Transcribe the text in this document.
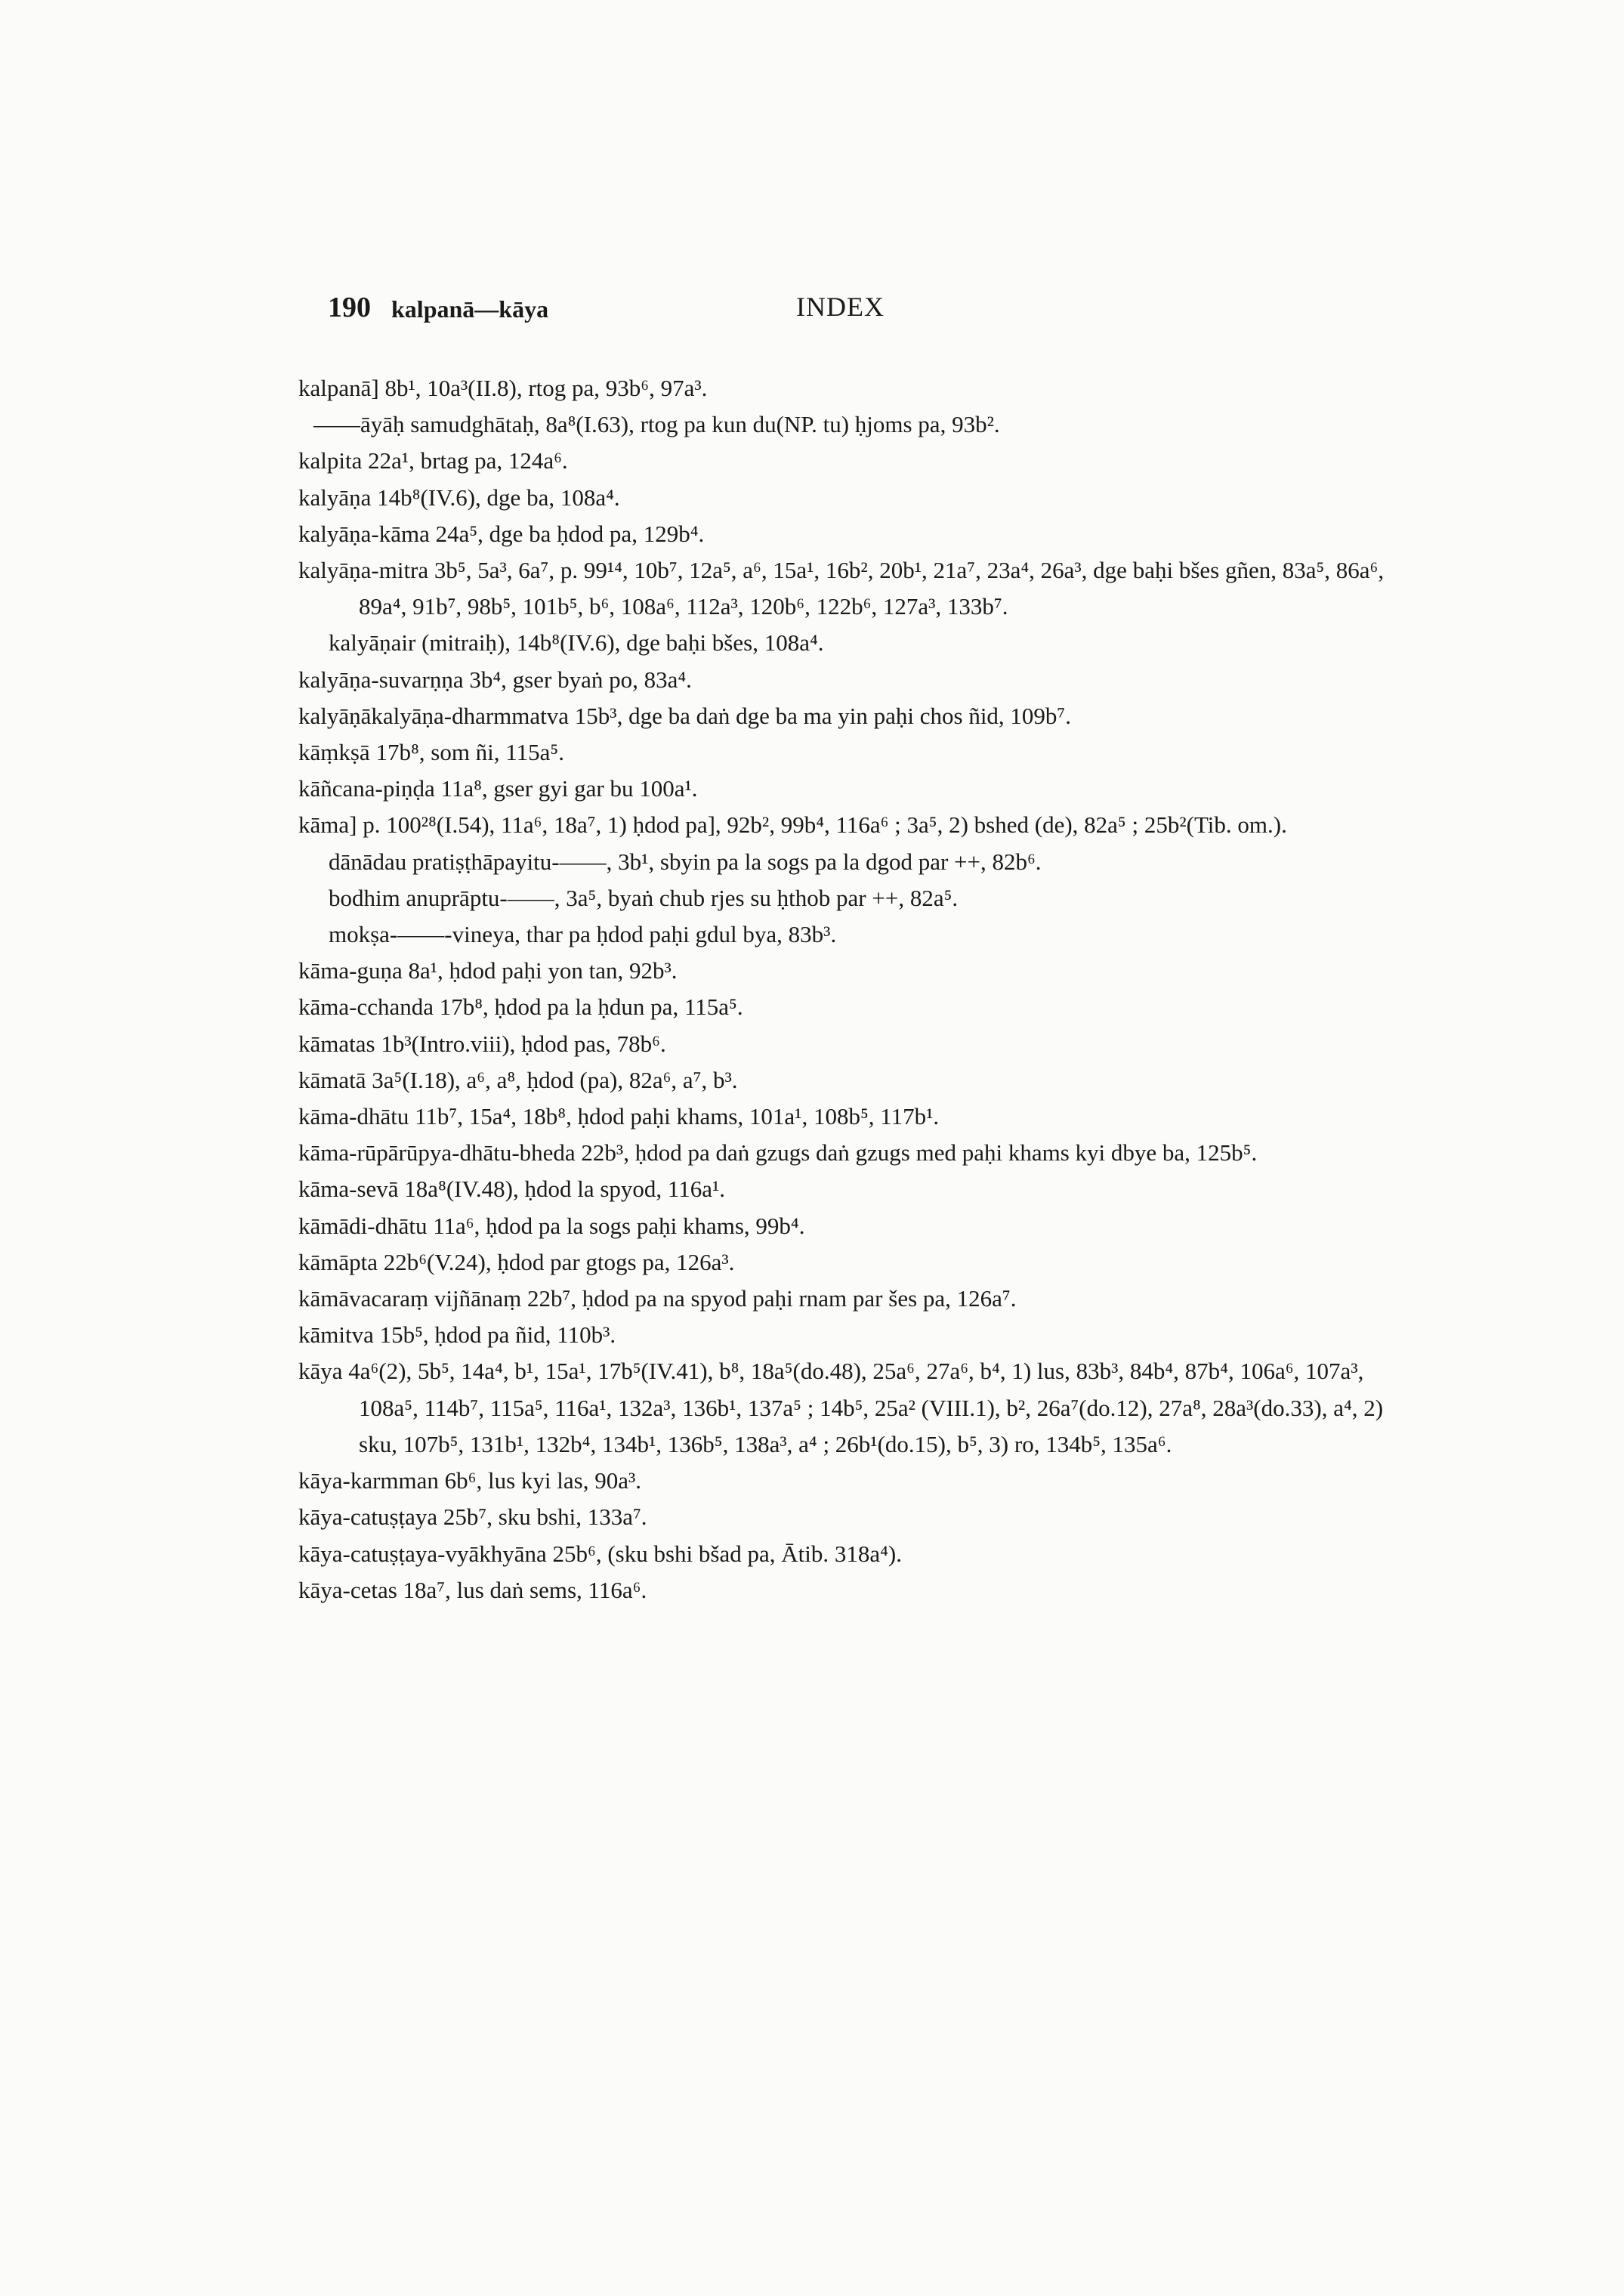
190 kalpanā—kāya	INDEX

kalpanā] 8b¹, 10a³(II.8), rtog pa, 93b⁶, 97a³.

——āyāḥ samudghātaḥ, 8a⁸(I.63), rtog pa kun du(NP. tu) ḥjoms pa, 93b².

kalpita 22a¹, brtag pa, 124a⁶.

kalyāṇa 14b⁸(IV.6), dge ba, 108a⁴.

kalyāṇa-kāma 24a⁵, dge ba ḥdod pa, 129b⁴.

kalyāṇa-mitra 3b⁵, 5a³, 6a⁷, p. 99¹⁴, 10b⁷, 12a⁵, a⁶, 15a¹, 16b², 20b¹, 21a⁷, 23a⁴, 26a³, dge baḥi bšes gñen, 83a⁵, 86a⁶, 89a⁴, 91b⁷, 98b⁵, 101b⁵, b⁶, 108a⁶, 112a³, 120b⁶, 122b⁶, 127a³, 133b⁷.

kalyāṇair (mitraiḥ), 14b⁸(IV.6), dge baḥi bšes, 108a⁴.

kalyāṇa-suvarṇṇa 3b⁴, gser byaṅ po, 83a⁴.

kalyāṇākalyāṇa-dharmmatva 15b³, dge ba daṅ dge ba ma yin paḥi chos ñid, 109b⁷.

kāṃkṣā 17b⁸, som ñi, 115a⁵.

kāñcana-piṇḍa 11a⁸, gser gyi gar bu 100a¹.

kāma] p. 100²⁸(I.54), 11a⁶, 18a⁷, 1) ḥdod pa], 92b², 99b⁴, 116a⁶ ; 3a⁵, 2) bshed (de), 82a⁵ ; 25b²(Tib. om.).

dānādau pratiṣṭhāpayitu-——, 3b¹, sbyin pa la sogs pa la dgod par ++, 82b⁶.

bodhim anuprāptu-——, 3a⁵, byaṅ chub rjes su ḥthob par ++, 82a⁵.

mokṣa-——-vineya, thar pa ḥdod paḥi gdul bya, 83b³.

kāma-guṇa 8a¹, ḥdod paḥi yon tan, 92b³.

kāma-cchanda 17b⁸, ḥdod pa la ḥdun pa, 115a⁵.

kāmatas 1b³(Intro.viii), ḥdod pas, 78b⁶.

kāmatā 3a⁵(I.18), a⁶, a⁸, ḥdod (pa), 82a⁶, a⁷, b³.

kāma-dhātu 11b⁷, 15a⁴, 18b⁸, ḥdod paḥi khams, 101a¹, 108b⁵, 117b¹.

kāma-rūpārūpya-dhātu-bheda 22b³, ḥdod pa daṅ gzugs daṅ gzugs med paḥi khams kyi dbye ba, 125b⁵.

kāma-sevā 18a⁸(IV.48), ḥdod la spyod, 116a¹.

kāmādi-dhātu 11a⁶, ḥdod pa la sogs paḥi khams, 99b⁴.

kāmāpta 22b⁶(V.24), ḥdod par gtogs pa, 126a³.

kāmāvacaraṃ vijñānaṃ 22b⁷, ḥdod pa na spyod paḥi rnam par šes pa, 126a⁷.

kāmitva 15b⁵, ḥdod pa ñid, 110b³.

kāya 4a⁶(2), 5b⁵, 14a⁴, b¹, 15a¹, 17b⁵(IV.41), b⁸, 18a⁵(do.48), 25a⁶, 27a⁶, b⁴, 1) lus, 83b³, 84b⁴, 87b⁴, 106a⁶, 107a³, 108a⁵, 114b⁷, 115a⁵, 116a¹, 132a³, 136b¹, 137a⁵ ; 14b⁵, 25a² (VIII.1), b², 26a⁷(do.12), 27a⁸, 28a³(do.33), a⁴, 2) sku, 107b⁵, 131b¹, 132b⁴, 134b¹, 136b⁵, 138a³, a⁴ ; 26b¹(do.15), b⁵, 3) ro, 134b⁵, 135a⁶.

kāya-karmman 6b⁶, lus kyi las, 90a³.

kāya-catuṣṭaya 25b⁷, sku bshi, 133a⁷.

kāya-catuṣṭaya-vyākhyāna 25b⁶, (sku bshi bšad pa, Ātib. 318a⁴).

kāya-cetas 18a⁷, lus daṅ sems, 116a⁶.
